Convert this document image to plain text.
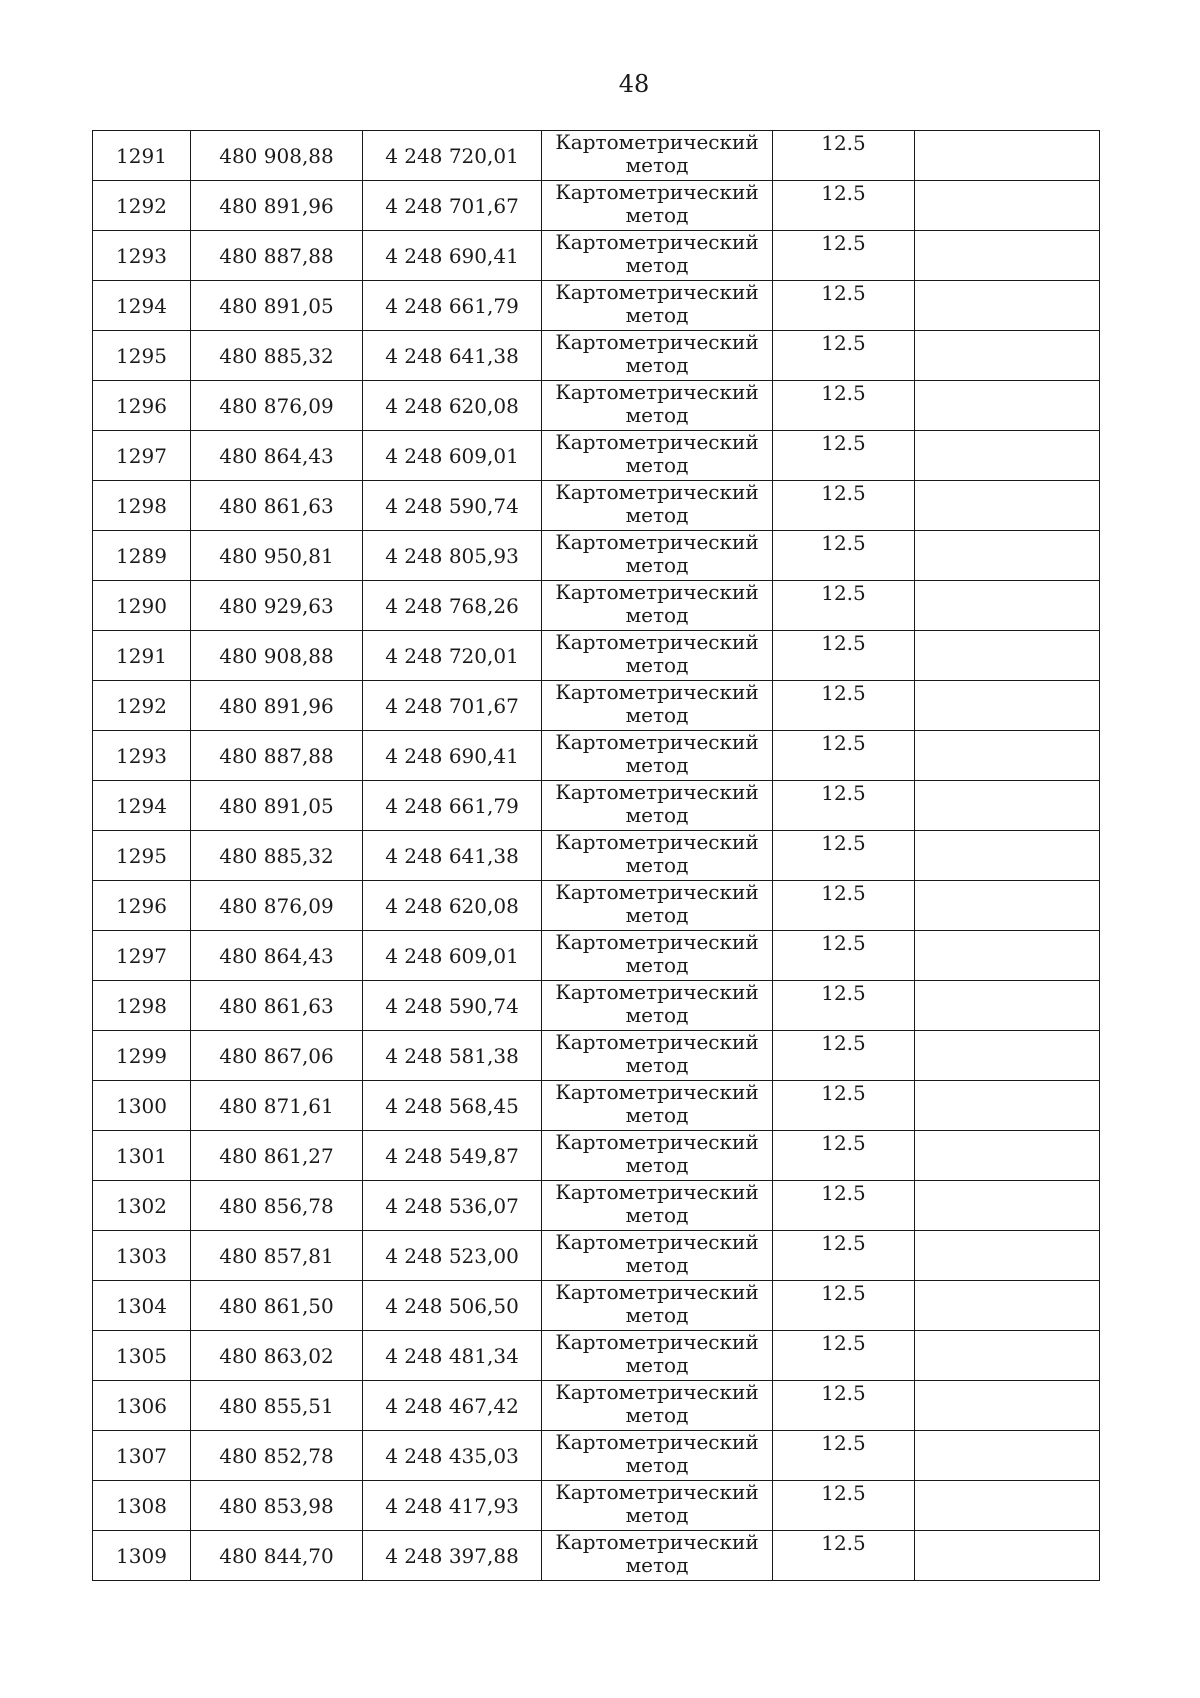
48
1291	480 908,88	4 248 720,01	Картометрический
метод	12.5	
1292	480 891,96	4 248 701,67	Картометрический
метод	12.5	
1293	480 887,88	4 248 690,41	Картометрический
метод	12.5	
1294	480 891,05	4 248 661,79	Картометрический
метод	12.5	
1295	480 885,32	4 248 641,38	Картометрический
метод	12.5	
1296	480 876,09	4 248 620,08	Картометрический
метод	12.5	
1297	480 864,43	4 248 609,01	Картометрический
метод	12.5	
1298	480 861,63	4 248 590,74	Картометрический
метод	12.5	
1289	480 950,81	4 248 805,93	Картометрический
метод	12.5	
1290	480 929,63	4 248 768,26	Картометрический
метод	12.5	
1291	480 908,88	4 248 720,01	Картометрический
метод	12.5	
1292	480 891,96	4 248 701,67	Картометрический
метод	12.5	
1293	480 887,88	4 248 690,41	Картометрический
метод	12.5	
1294	480 891,05	4 248 661,79	Картометрический
метод	12.5	
1295	480 885,32	4 248 641,38	Картометрический
метод	12.5	
1296	480 876,09	4 248 620,08	Картометрический
метод	12.5	
1297	480 864,43	4 248 609,01	Картометрический
метод	12.5	
1298	480 861,63	4 248 590,74	Картометрический
метод	12.5	
1299	480 867,06	4 248 581,38	Картометрический
метод	12.5	
1300	480 871,61	4 248 568,45	Картометрический
метод	12.5	
1301	480 861,27	4 248 549,87	Картометрический
метод	12.5	
1302	480 856,78	4 248 536,07	Картометрический
метод	12.5	
1303	480 857,81	4 248 523,00	Картометрический
метод	12.5	
1304	480 861,50	4 248 506,50	Картометрический
метод	12.5	
1305	480 863,02	4 248 481,34	Картометрический
метод	12.5	
1306	480 855,51	4 248 467,42	Картометрический
метод	12.5	
1307	480 852,78	4 248 435,03	Картометрический
метод	12.5	
1308	480 853,98	4 248 417,93	Картометрический
метод	12.5	
1309	480 844,70	4 248 397,88	Картометрический
метод	12.5	
